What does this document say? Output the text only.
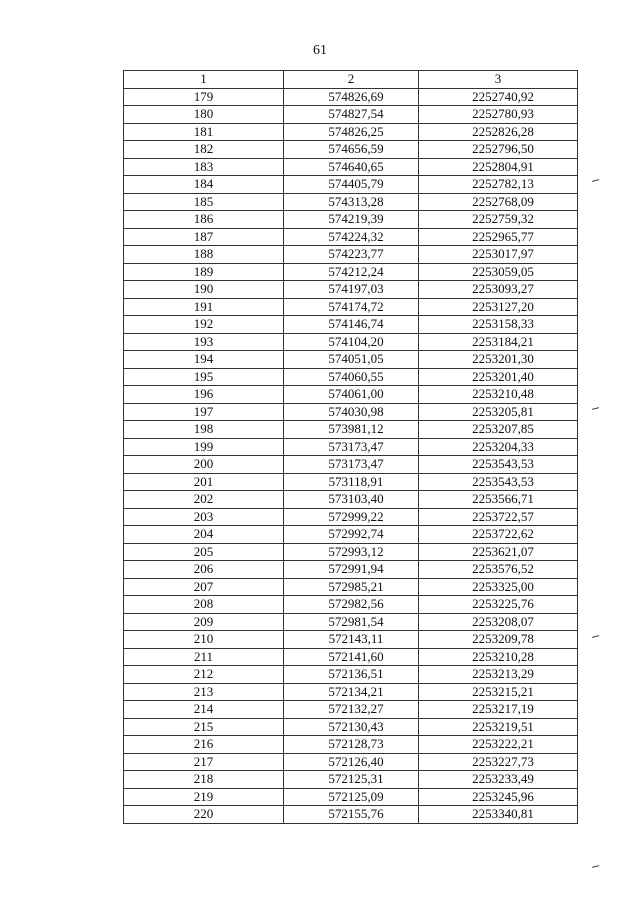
61
1	2	3
179	574826,69	2252740,92
180	574827,54	2252780,93
181	574826,25	2252826,28
182	574656,59	2252796,50
183	574640,65	2252804,91
184	574405,79	2252782,13
185	574313,28	2252768,09
186	574219,39	2252759,32
187	574224,32	2252965,77
188	574223,77	2253017,97
189	574212,24	2253059,05
190	574197,03	2253093,27
191	574174,72	2253127,20
192	574146,74	2253158,33
193	574104,20	2253184,21
194	574051,05	2253201,30
195	574060,55	2253201,40
196	574061,00	2253210,48
197	574030,98	2253205,81
198	573981,12	2253207,85
199	573173,47	2253204,33
200	573173,47	2253543,53
201	573118,91	2253543,53
202	573103,40	2253566,71
203	572999,22	2253722,57
204	572992,74	2253722,62
205	572993,12	2253621,07
206	572991,94	2253576,52
207	572985,21	2253325,00
208	572982,56	2253225,76
209	572981,54	2253208,07
210	572143,11	2253209,78
211	572141,60	2253210,28
212	572136,51	2253213,29
213	572134,21	2253215,21
214	572132,27	2253217,19
215	572130,43	2253219,51
216	572128,73	2253222,21
217	572126,40	2253227,73
218	572125,31	2253233,49
219	572125,09	2253245,96
220	572155,76	2253340,81
